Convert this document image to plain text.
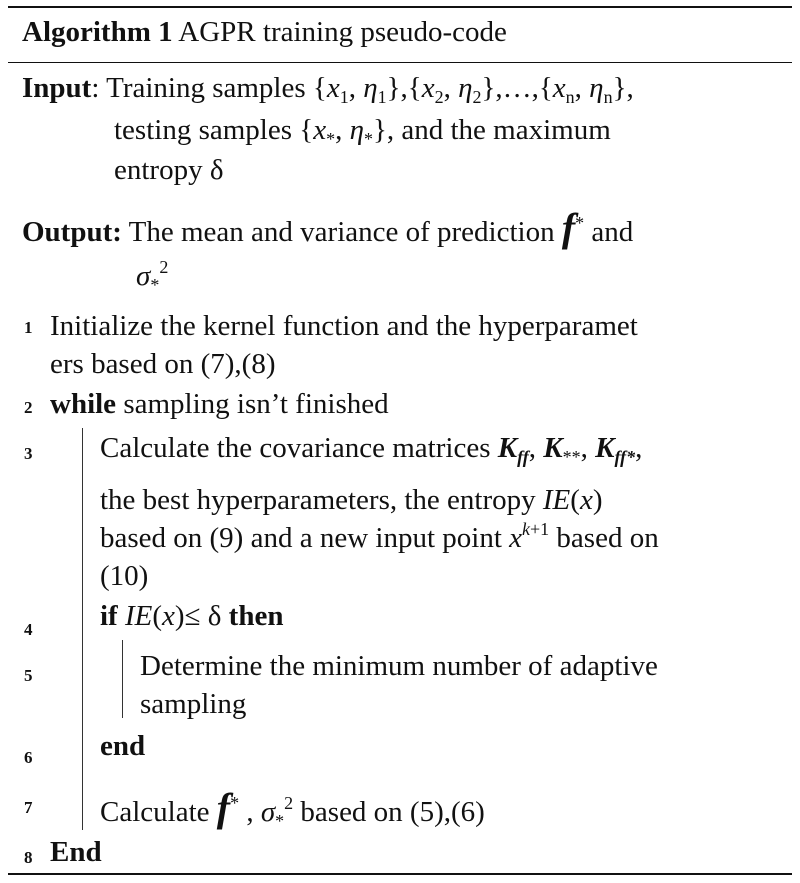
Algorithm 1 AGPR training pseudo-code
Input: Training samples {$x_1$, $\eta_1\},\{x_2$, $\eta_2\},\dots,\{x_n$, $\eta_n$},
testing samples {$x_*$, $\eta_*$}, and the maximum
entropy δ
Output: The mean and variance of prediction f* and
$\sigma_*^2$
1 Initialize the kernel function and the hyperparamet
ers based on (7),(8)
2 while sampling isn’t finished
3 Calculate the covariance matrices $K_{ff}$, $K_{**}$, $K_{ff*}$,
the best hyperparameters, the entropy IE(x)
based on (9) and a new input point $x^{k+1}$ based on
(10)
4 if IE(x)≤ δ then
5	Determine the minimum number of adaptive
sampling
6 end
7 Calculate f* , $\sigma_*^2$ based on (5),(6)
8 End
